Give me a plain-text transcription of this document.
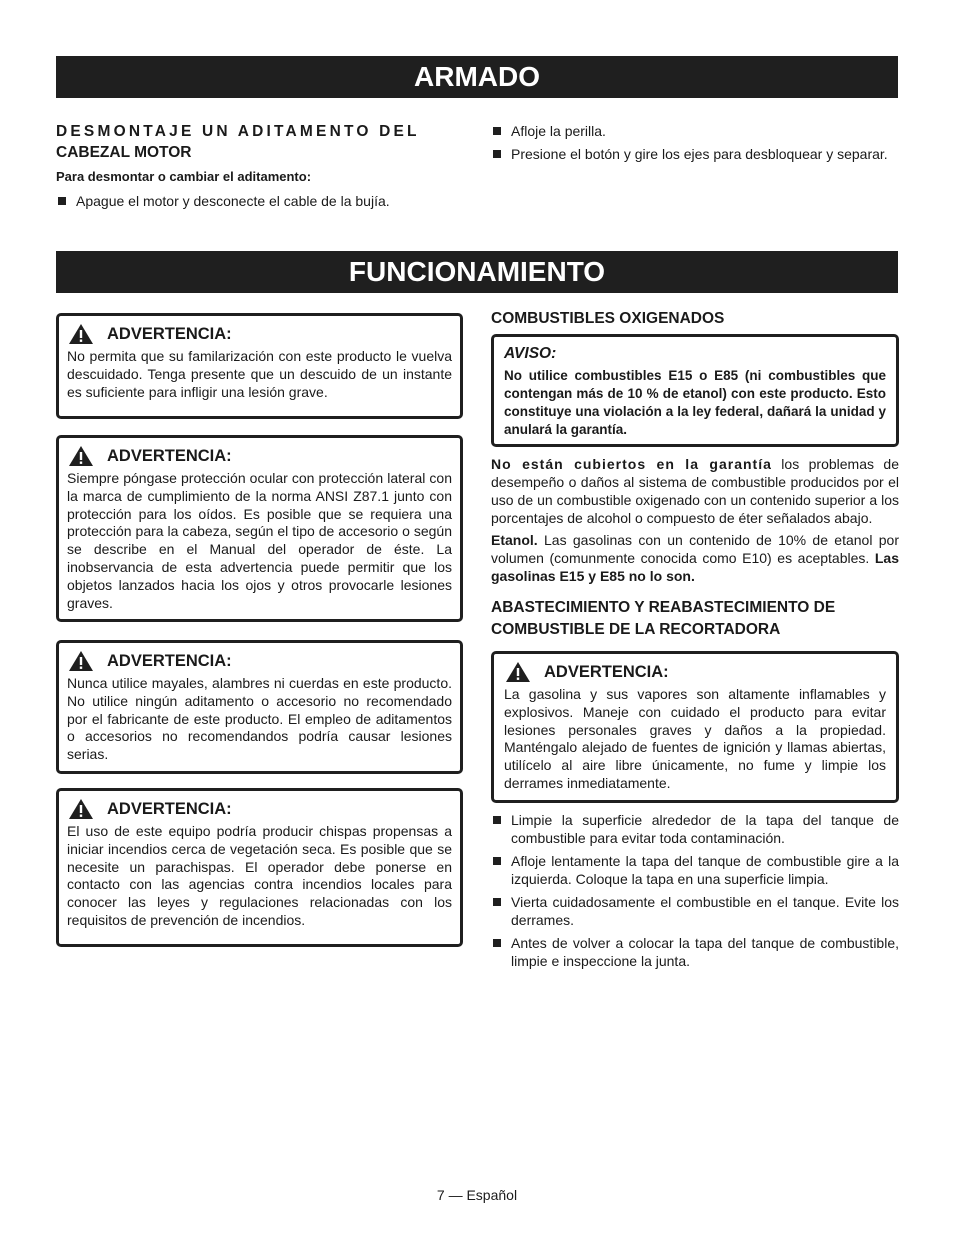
ARMADO

DESMONTAJE UN ADITAMENTO DEL

CABEZAL MOTOR

Para desmontar o cambiar el aditamento:

Apague el motor y desconecte el cable de la bujía.
Afloje la perilla.
Presione el botón y gire los ejes para desbloquear y separar.
FUNCIONAMIENTO
ADVERTENCIA:

No permita que su familarización con este producto le vuelva descuidado. Tenga presente que un descuido de un instante es suficiente para infligir una lesión grave.

ADVERTENCIA:

Siempre póngase protección ocular con protección lateral con la marca de cumplimiento de la norma ANSI Z87.1 junto con protección para los oídos. Es posible que se requiera una protección para la cabeza, según el tipo de accesorio o según se describe en el Manual del operador de éste. La inobservancia de esta advertencia puede permitir que los objetos lanzados hacia los ojos y otros provocarle lesiones graves.

ADVERTENCIA:

Nunca utilice mayales, alambres ni cuerdas en este producto. No utilice ningún aditamento o accesorio no recomendado por el fabricante de este producto. El empleo de aditamentos o accesorios no recomendandos podría causar lesiones serias.

ADVERTENCIA:

El uso de este equipo podría producir chispas propensas a iniciar incendios cerca de vegetación seca. Es posible que se necesite un parachispas. El operador debe ponerse en contacto con las agencias contra incendios locales para conocer las leyes y regulaciones relacionadas con los requisitos de prevención de incendios.

COMBUSTIBLES OXIGENADOS

AVISO:

No utilice combustibles E15 o E85 (ni combustibles que contengan más de 10 % de etanol) con este producto. Esto constituye una violación a la ley federal, dañará la unidad y anulará la garantía.

No están cubiertos en la garantía los problemas de desempeño o daños al sistema de combustible producidos por el uso de un combustible oxigenado con un contenido superior a los porcentajes de alcohol o compuesto de éter señalados abajo.

Etanol. Las gasolinas con un contenido de 10% de etanol por volumen (comunmente conocida como E10) es aceptables. Las gasolinas E15 y E85 no lo son.

ABASTECIMIENTO Y REABASTECIMIENTO DE COMBUSTIBLE DE LA RECORTADORA

ADVERTENCIA:

La gasolina y sus vapores son altamente inflamables y explosivos. Maneje con cuidado el producto para evitar lesiones personales graves y daños a la propiedad. Manténgalo alejado de fuentes de ignición y llamas abiertas, utilícelo al aire libre únicamente, no fume y limpie los derrames inmediatamente.

Limpie la superficie alrededor de la tapa del tanque de combustible para evitar toda contaminación.
Afloje lentamente la tapa del tanque de combustible gire a la izquierda. Coloque la tapa en una superficie limpia.
Vierta cuidadosamente el combustible en el tanque. Evite los derrames.
Antes de volver a colocar la tapa del tanque de combustible, limpie e inspeccione la junta.
7 — Español
